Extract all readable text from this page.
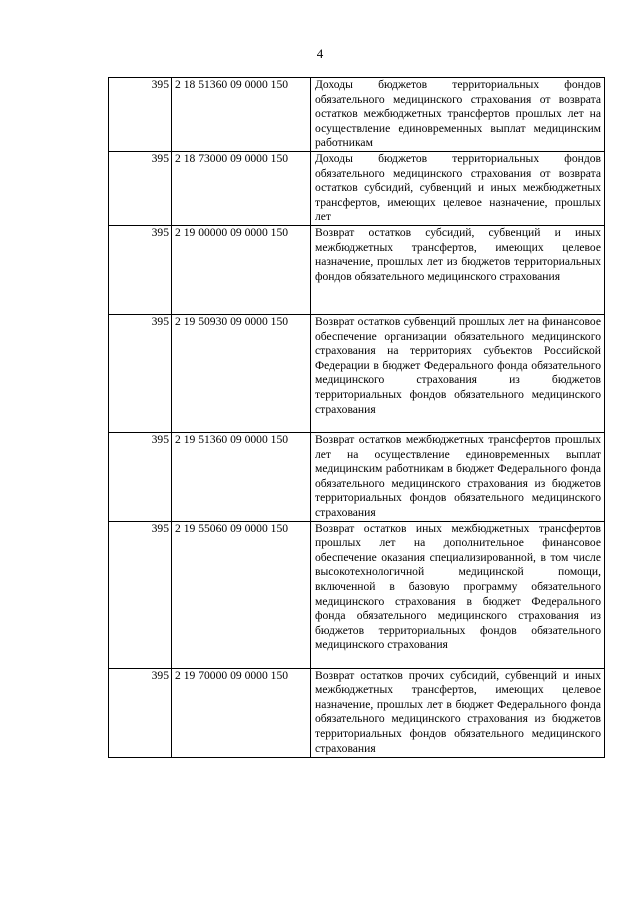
4
395	2 18 51360 09 0000 150	Доходы бюджетов территориальных фондов обязательного медицинского страхования от возврата остатков межбюджетных трансфертов прошлых лет на осуществление единовременных выплат медицинским работникам
395	2 18 73000 09 0000 150	Доходы бюджетов территориальных фондов обязательного медицинского страхования от возврата остатков субсидий, субвенций и иных межбюджетных трансфертов, имеющих целевое назначение, прошлых лет
395	2 19 00000 09 0000 150	Возврат остатков субсидий, субвенций и иных межбюджетных трансфертов, имеющих целевое назначение, прошлых лет из бюджетов территориальных фондов обязательного медицинского страхования
395	2 19 50930 09 0000 150	Возврат остатков субвенций прошлых лет на финансовое обеспечение организации обязательного медицинского страхования на территориях субъектов Российской Федерации в бюджет Федерального фонда обязательного медицинского страхования из бюджетов территориальных фондов обязательного медицинского страхования
395	2 19 51360 09 0000 150	Возврат остатков межбюджетных трансфертов прошлых лет на осуществление единовременных выплат медицинским работникам в бюджет Федерального фонда обязательного медицинского страхования из бюджетов территориальных фондов обязательного медицинского страхования
395	2 19 55060 09 0000 150	Возврат остатков иных межбюджетных трансфертов прошлых лет на дополнительное финансовое обеспечение оказания специализированной, в том числе высокотехнологичной медицинской помощи, включенной в базовую программу обязательного медицинского страхования в бюджет Федерального фонда обязательного медицинского страхования из бюджетов территориальных фондов обязательного медицинского страхования
395	2 19 70000 09 0000 150	Возврат остатков прочих субсидий, субвенций и иных межбюджетных трансфертов, имеющих целевое назначение, прошлых лет в бюджет Федерального фонда обязательного медицинского страхования из бюджетов территориальных фондов обязательного медицинского страхования
